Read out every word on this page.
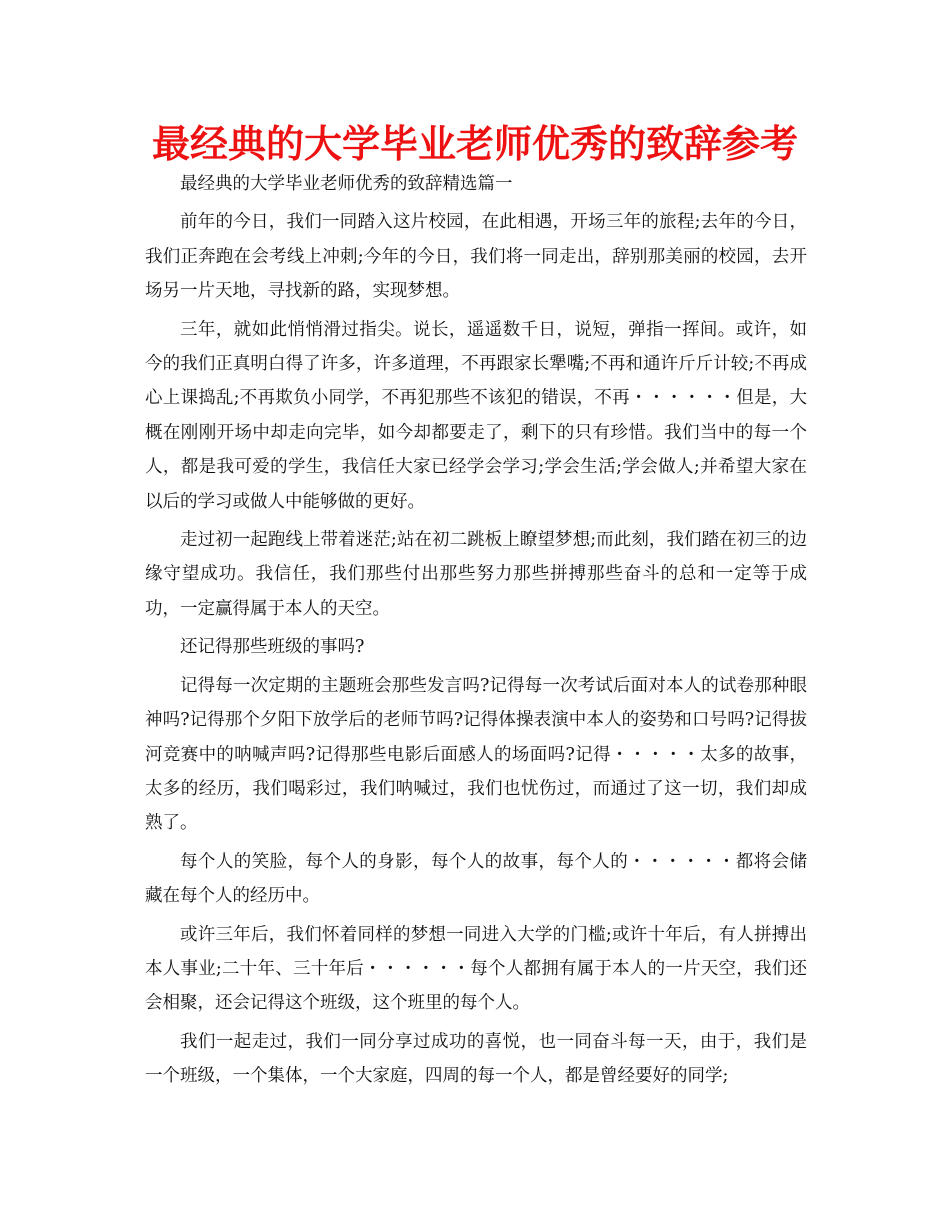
最经典的大学毕业老师优秀的致辞参考

最经典的大学毕业老师优秀的致辞精选篇一

前年的今日，我们一同踏入这片校园，在此相遇，开场三年的旅程;去年的今日，我们正奔跑在会考线上冲刺;今年的今日，我们将一同走出，辞别那美丽的校园，去开场另一片天地，寻找新的路，实现梦想。

三年，就如此悄悄滑过指尖。说长，遥遥数千日，说短，弹指一挥间。或许，如今的我们正真明白得了许多，许多道理，不再跟家长犟嘴;不再和通许斤斤计较;不再成心上课捣乱;不再欺负小同学，不再犯那些不该犯的错误，不再・・・・・・但是，大概在刚刚开场中却走向完毕，如今却都要走了，剩下的只有珍惜。我们当中的每一个人，都是我可爱的学生，我信任大家已经学会学习;学会生活;学会做人;并希望大家在以后的学习或做人中能够做的更好。

走过初一起跑线上带着迷茫;站在初二跳板上瞭望梦想;而此刻，我们踏在初三的边缘守望成功。我信任，我们那些付出那些努力那些拼搏那些奋斗的总和一定等于成功，一定赢得属于本人的天空。

还记得那些班级的事吗?

记得每一次定期的主题班会那些发言吗?记得每一次考试后面对本人的试卷那种眼神吗?记得那个夕阳下放学后的老师节吗?记得体操表演中本人的姿势和口号吗?记得拔河竞赛中的呐喊声吗?记得那些电影后面感人的场面吗?记得・・・・・太多的故事，太多的经历，我们喝彩过，我们呐喊过，我们也忧伤过，而通过了这一切，我们却成熟了。

每个人的笑脸，每个人的身影，每个人的故事，每个人的・・・・・・都将会储藏在每个人的经历中。

或许三年后，我们怀着同样的梦想一同进入大学的门槛;或许十年后，有人拼搏出本人事业;二十年、三十年后・・・・・・每个人都拥有属于本人的一片天空，我们还会相聚，还会记得这个班级，这个班里的每个人。

我们一起走过，我们一同分享过成功的喜悦，也一同奋斗每一天，由于，我们是一个班级，一个集体，一个大家庭，四周的每一个人，都是曾经要好的同学;
